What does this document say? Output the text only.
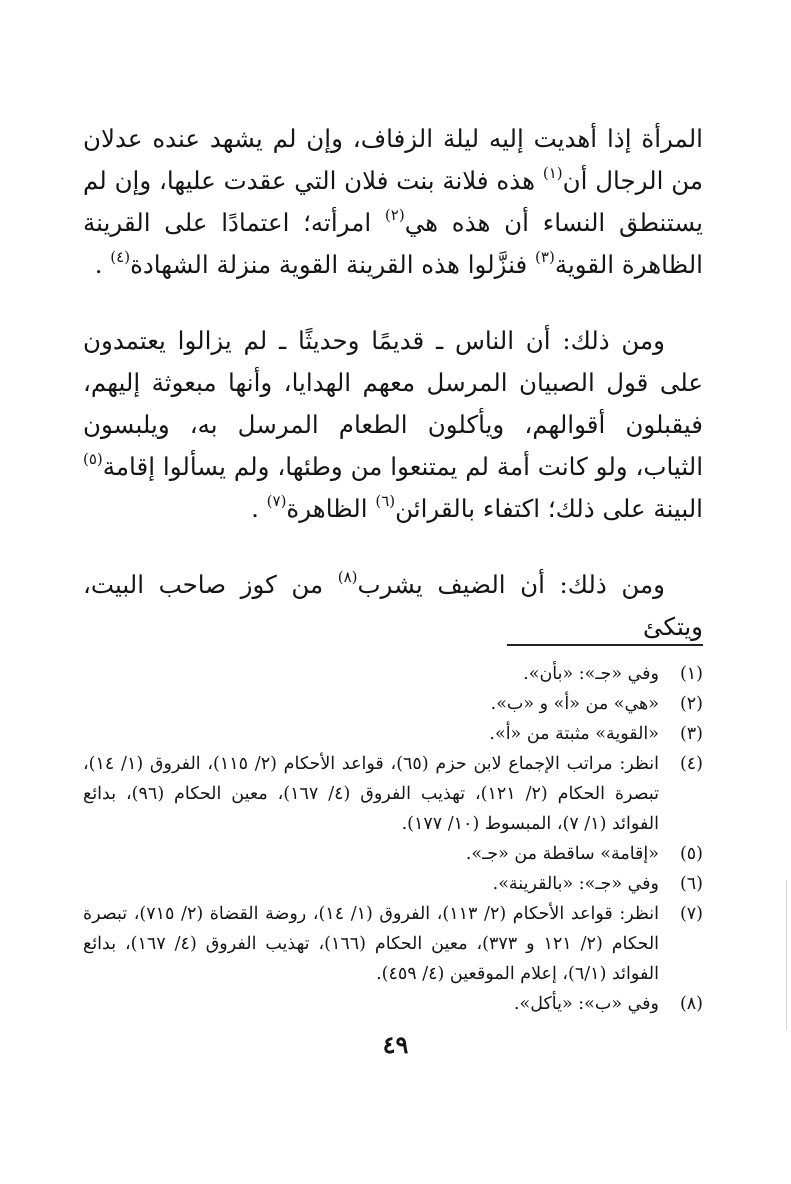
المرأة إذا أهديت إليه ليلة الزفاف، وإن لم يشهد عنده عدلان من الرجال أن$^{(١)}$ هذه فلانة بنت فلان التي عقدت عليها، وإن لم يستنطق النساء أن هذه هي$^{(٢)}$ امرأته؛ اعتمادًا على القرينة الظاهرة القوية$^{(٣)}$ فنزَّلوا هذه القرينة القوية منزلة الشهادة$^{(٤)}$ .

ومن ذلك: أن الناس ـ قديمًا وحديثًا ـ لم يزالوا يعتمدون على قول الصبيان المرسل معهم الهدايا، وأنها مبعوثة إليهم، فيقبلون أقوالهم، ويأكلون الطعام المرسل به، ويلبسون الثياب، ولو كانت أمة لم يمتنعوا من وطئها، ولم يسألوا إقامة$^{(٥)}$ البينة على ذلك؛ اكتفاء بالقرائن$^{(٦)}$ الظاهرة$^{(٧)}$ .

ومن ذلك: أن الضيف يشرب$^{(٨)}$ من كوز صاحب البيت، ويتكئ

(١)
وفي «جـ»: «بأن».
(٢)
«هي» من «أ» و «ب».
(٣)
«القوية» مثبتة من «أ».
(٤)
انظر: مراتب الإجماع لابن حزم (٦٥)، قواعد الأحكام (٢/ ١١٥)، الفروق (١/ ١٤)، تبصرة الحكام (٢/ ١٢١)، تهذيب الفروق (٤/ ١٦٧)، معين الحكام (٩٦)، بدائع الفوائد (١/ ٧)، المبسوط (١٠/ ١٧٧).
(٥)
«إقامة» ساقطة من «جـ».
(٦)
وفي «جـ»: «بالقرينة».
(٧)
انظر: قواعد الأحكام (٢/ ١١٣)، الفروق (١/ ١٤)، روضة القضاة (٢/ ٧١٥)، تبصرة الحكام (٢/ ١٢١ و ٣٧٣)، معين الحكام (١٦٦)، تهذيب الفروق (٤/ ١٦٧)، بدائع الفوائد (٦/١)، إعلام الموقعين (٤/ ٤٥٩).
(٨)
وفي «ب»: «يأكل».
٤٩
